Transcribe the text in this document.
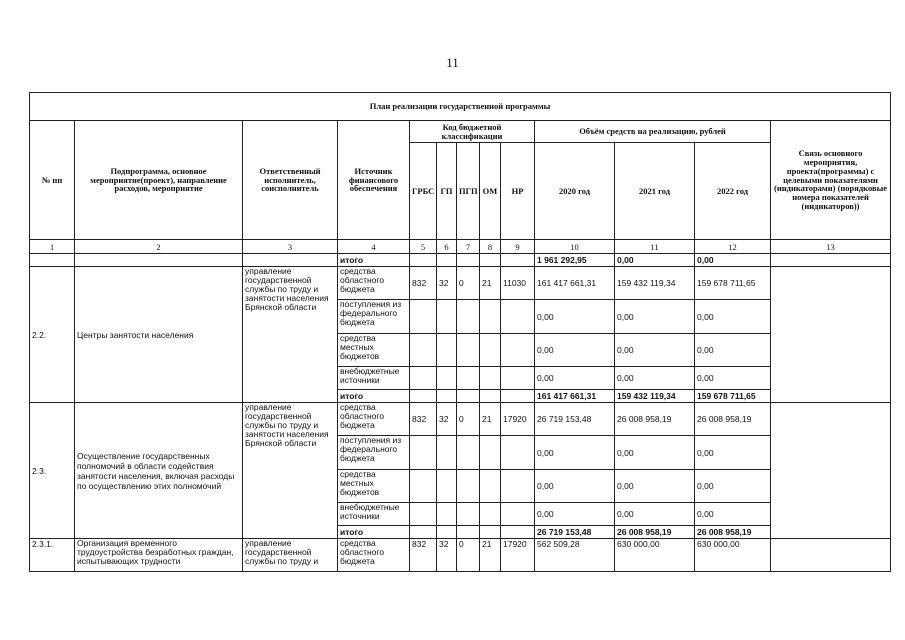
11
План реализации государственной программы												
№ пп	Подпрограмма, основное мероприятие(проект), направление расходов, мероприятие	Ответственный исполнитель, соисполнитель	Источник финансового обеспечения	Код бюджетной классификации					Объём средств на реализацию, рублей			Связь основного мероприятия, проекта(программы) с целевыми показателями (индикаторами) (порядковые номера показателей (индикаторов))
				ГРБС	ГП	ПГП	ОМ	НР	2020 год	2021 год	2022 год	
1	2	3	4	5	6	7	8	9	10	11	12	13
			итого						1 961 292,95	0,00	0,00	
2.2.	Центры занятости населения	управление государственной службы по труду и занятости населения Брянской области	средства областного бюджета	832	32	0	21	11030	161 417 661,31	159 432 119,34	159 678 711,65	
			поступления из федерального бюджета						0,00	0,00	0,00	
			средства местных бюджетов						0,00	0,00	0,00	
			внебюджетные источники						0,00	0,00	0,00	
			итого						161 417 661,31	159 432 119,34	159 678 711,65	
2.3.	Осуществление государственных полномочий в области содействия занятости населения, включая расходы по осуществлению этих полномочий	управление государственной службы по труду и занятости населения Брянской области	средства областного бюджета	832	32	0	21	17920	26 719 153,48	26 008 958,19	26 008 958,19	
			поступления из федерального бюджета						0,00	0,00	0,00	
			средства местных бюджетов						0,00	0,00	0,00	
			внебюджетные источники						0,00	0,00	0,00	
			итого						26 719 153,48	26 008 958,19	26 008 958,19	
2.3.1.	Организация временного трудоустройства безработных граждан, испытывающих трудности	управление государственной службы по труду и	средства областного бюджета	832	32	0	21	17920	562 509,28	630 000,00	630 000,00	
